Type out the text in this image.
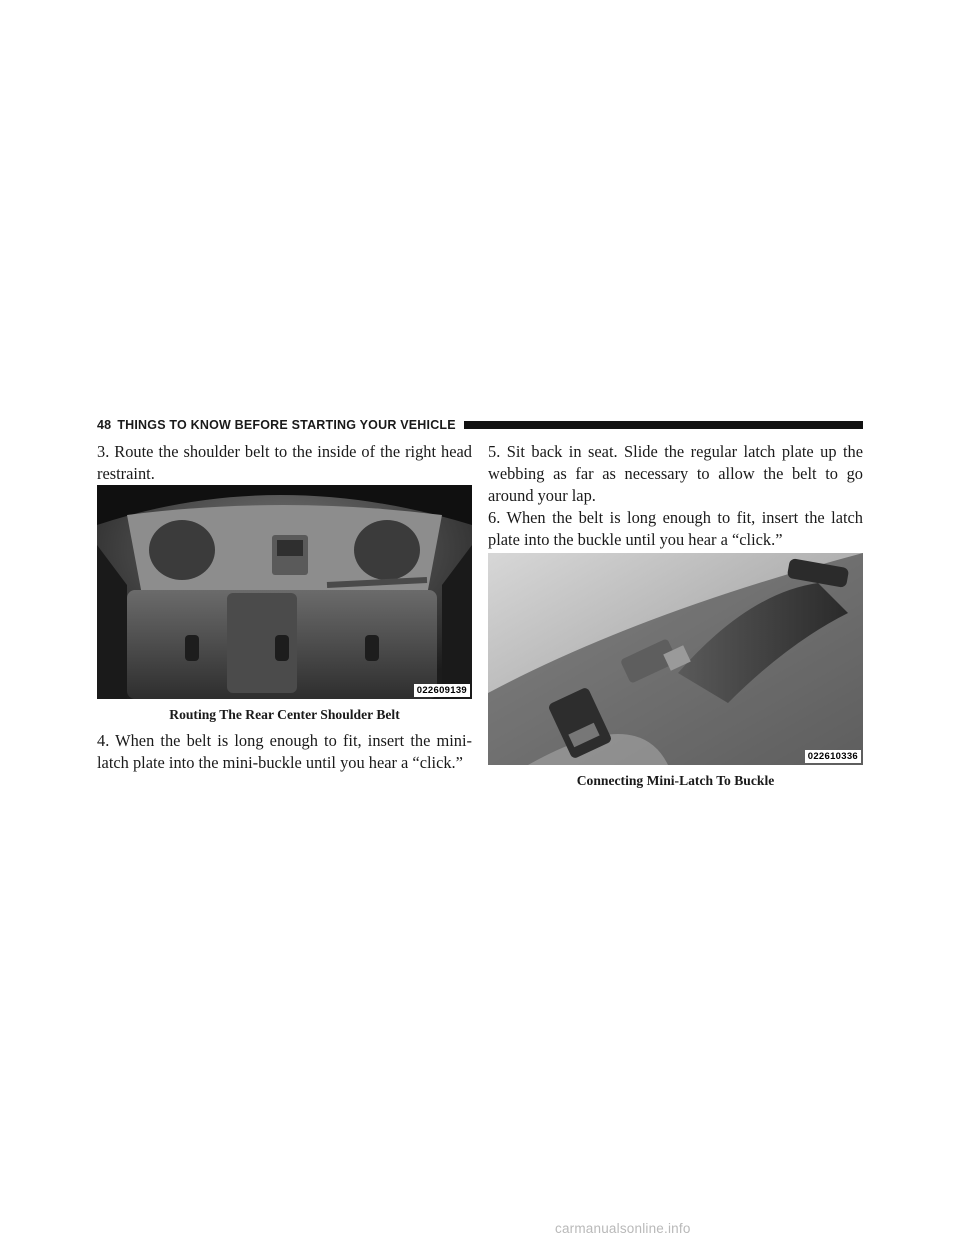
48 THINGS TO KNOW BEFORE STARTING YOUR VEHICLE

3. Route the shoulder belt to the inside of the right head restraint.

022609139

Routing The Rear Center Shoulder Belt

4. When the belt is long enough to fit, insert the mini-latch plate into the mini-buckle until you hear a “click.”

5. Sit back in seat. Slide the regular latch plate up the webbing as far as necessary to allow the belt to go around your lap.

6. When the belt is long enough to fit, insert the latch plate into the buckle until you hear a “click.”

022610336

Connecting Mini-Latch To Buckle

carmanualsonline.info
